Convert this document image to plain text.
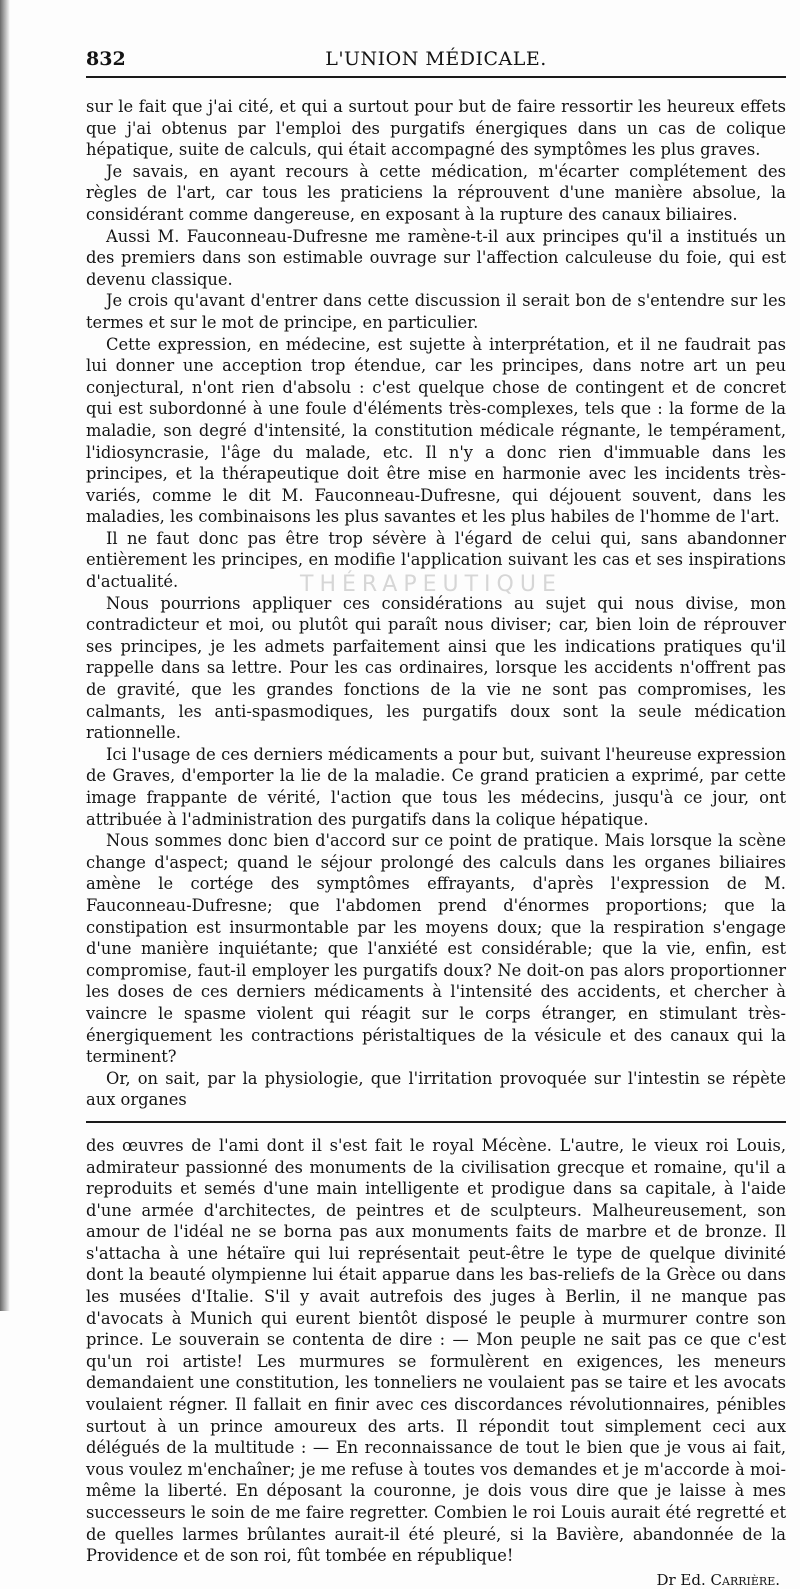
832	L'UNION MÉDICALE.

sur le fait que j'ai cité, et qui a surtout pour but de faire ressortir les heureux effets que j'ai obtenus par l'emploi des purgatifs énergiques dans un cas de colique hépatique, suite de calculs, qui était accompagné des symptômes les plus graves.

Je savais, en ayant recours à cette médication, m'écarter complétement des règles de l'art, car tous les praticiens la réprouvent d'une manière absolue, la considérant comme dangereuse, en exposant à la rupture des canaux biliaires.

Aussi M. Fauconneau-Dufresne me ramène-t-il aux principes qu'il a institués un des premiers dans son estimable ouvrage sur l'affection calculeuse du foie, qui est devenu classique.

Je crois qu'avant d'entrer dans cette discussion il serait bon de s'entendre sur les termes et sur le mot de principe, en particulier.

Cette expression, en médecine, est sujette à interprétation, et il ne faudrait pas lui donner une acception trop étendue, car les principes, dans notre art un peu conjectural, n'ont rien d'absolu : c'est quelque chose de contingent et de concret qui est subordonné à une foule d'éléments très-complexes, tels que : la forme de la maladie, son degré d'intensité, la constitution médicale régnante, le tempérament, l'idiosyncrasie, l'âge du malade, etc. Il n'y a donc rien d'immuable dans les principes, et la thérapeutique doit être mise en harmonie avec les incidents très-variés, comme le dit M. Fauconneau-Dufresne, qui déjouent souvent, dans les maladies, les combinaisons les plus savantes et les plus habiles de l'homme de l'art.

Il ne faut donc pas être trop sévère à l'égard de celui qui, sans abandonner entièrement les principes, en modifie l'application suivant les cas et ses inspirations d'actualité.

Nous pourrions appliquer ces considérations au sujet qui nous divise, mon contradicteur et moi, ou plutôt qui paraît nous diviser; car, bien loin de réprouver ses principes, je les admets parfaitement ainsi que les indications pratiques qu'il rappelle dans sa lettre. Pour les cas ordinaires, lorsque les accidents n'offrent pas de gravité, que les grandes fonctions de la vie ne sont pas compromises, les calmants, les anti-spasmodiques, les purgatifs doux sont la seule médication rationnelle.

Ici l'usage de ces derniers médicaments a pour but, suivant l'heureuse expression de Graves, d'emporter la lie de la maladie. Ce grand praticien a exprimé, par cette image frappante de vérité, l'action que tous les médecins, jusqu'à ce jour, ont attribuée à l'administration des purgatifs dans la colique hépatique.

Nous sommes donc bien d'accord sur ce point de pratique. Mais lorsque la scène change d'aspect; quand le séjour prolongé des calculs dans les organes biliaires amène le cortége des symptômes effrayants, d'après l'expression de M. Fauconneau-Dufresne; que l'abdomen prend d'énormes proportions; que la constipation est insurmontable par les moyens doux; que la respiration s'engage d'une manière inquiétante; que l'anxiété est considérable; que la vie, enfin, est compromise, faut-il employer les purgatifs doux? Ne doit-on pas alors proportionner les doses de ces derniers médicaments à l'intensité des accidents, et chercher à vaincre le spasme violent qui réagit sur le corps étranger, en stimulant très-énergiquement les contractions péristaltiques de la vésicule et des canaux qui la terminent?

Or, on sait, par la physiologie, que l'irritation provoquée sur l'intestin se répète aux organes

des œuvres de l'ami dont il s'est fait le royal Mécène. L'autre, le vieux roi Louis, admirateur passionné des monuments de la civilisation grecque et romaine, qu'il a reproduits et semés d'une main intelligente et prodigue dans sa capitale, à l'aide d'une armée d'architectes, de peintres et de sculpteurs. Malheureusement, son amour de l'idéal ne se borna pas aux monuments faits de marbre et de bronze. Il s'attacha à une hétaïre qui lui représentait peut-être le type de quelque divinité dont la beauté olympienne lui était apparue dans les bas-reliefs de la Grèce ou dans les musées d'Italie. S'il y avait autrefois des juges à Berlin, il ne manque pas d'avocats à Munich qui eurent bientôt disposé le peuple à murmurer contre son prince. Le souverain se contenta de dire : — Mon peuple ne sait pas ce que c'est qu'un roi artiste! Les murmures se formulèrent en exigences, les meneurs demandaient une constitution, les tonneliers ne voulaient pas se taire et les avocats voulaient régner. Il fallait en finir avec ces discordances révolutionnaires, pénibles surtout à un prince amoureux des arts. Il répondit tout simplement ceci aux délégués de la multitude : — En reconnaissance de tout le bien que je vous ai fait, vous voulez m'enchaîner; je me refuse à toutes vos demandes et je m'accorde à moi-même la liberté. En déposant la couronne, je dois vous dire que je laisse à mes successeurs le soin de me faire regretter. Combien le roi Louis aurait été regretté et de quelles larmes brûlantes aurait-il été pleuré, si la Bavière, abandonnée de la Providence et de son roi, fût tombée en république!

Dr Ed. Carrière.
THÉRAPEUTIQUE
